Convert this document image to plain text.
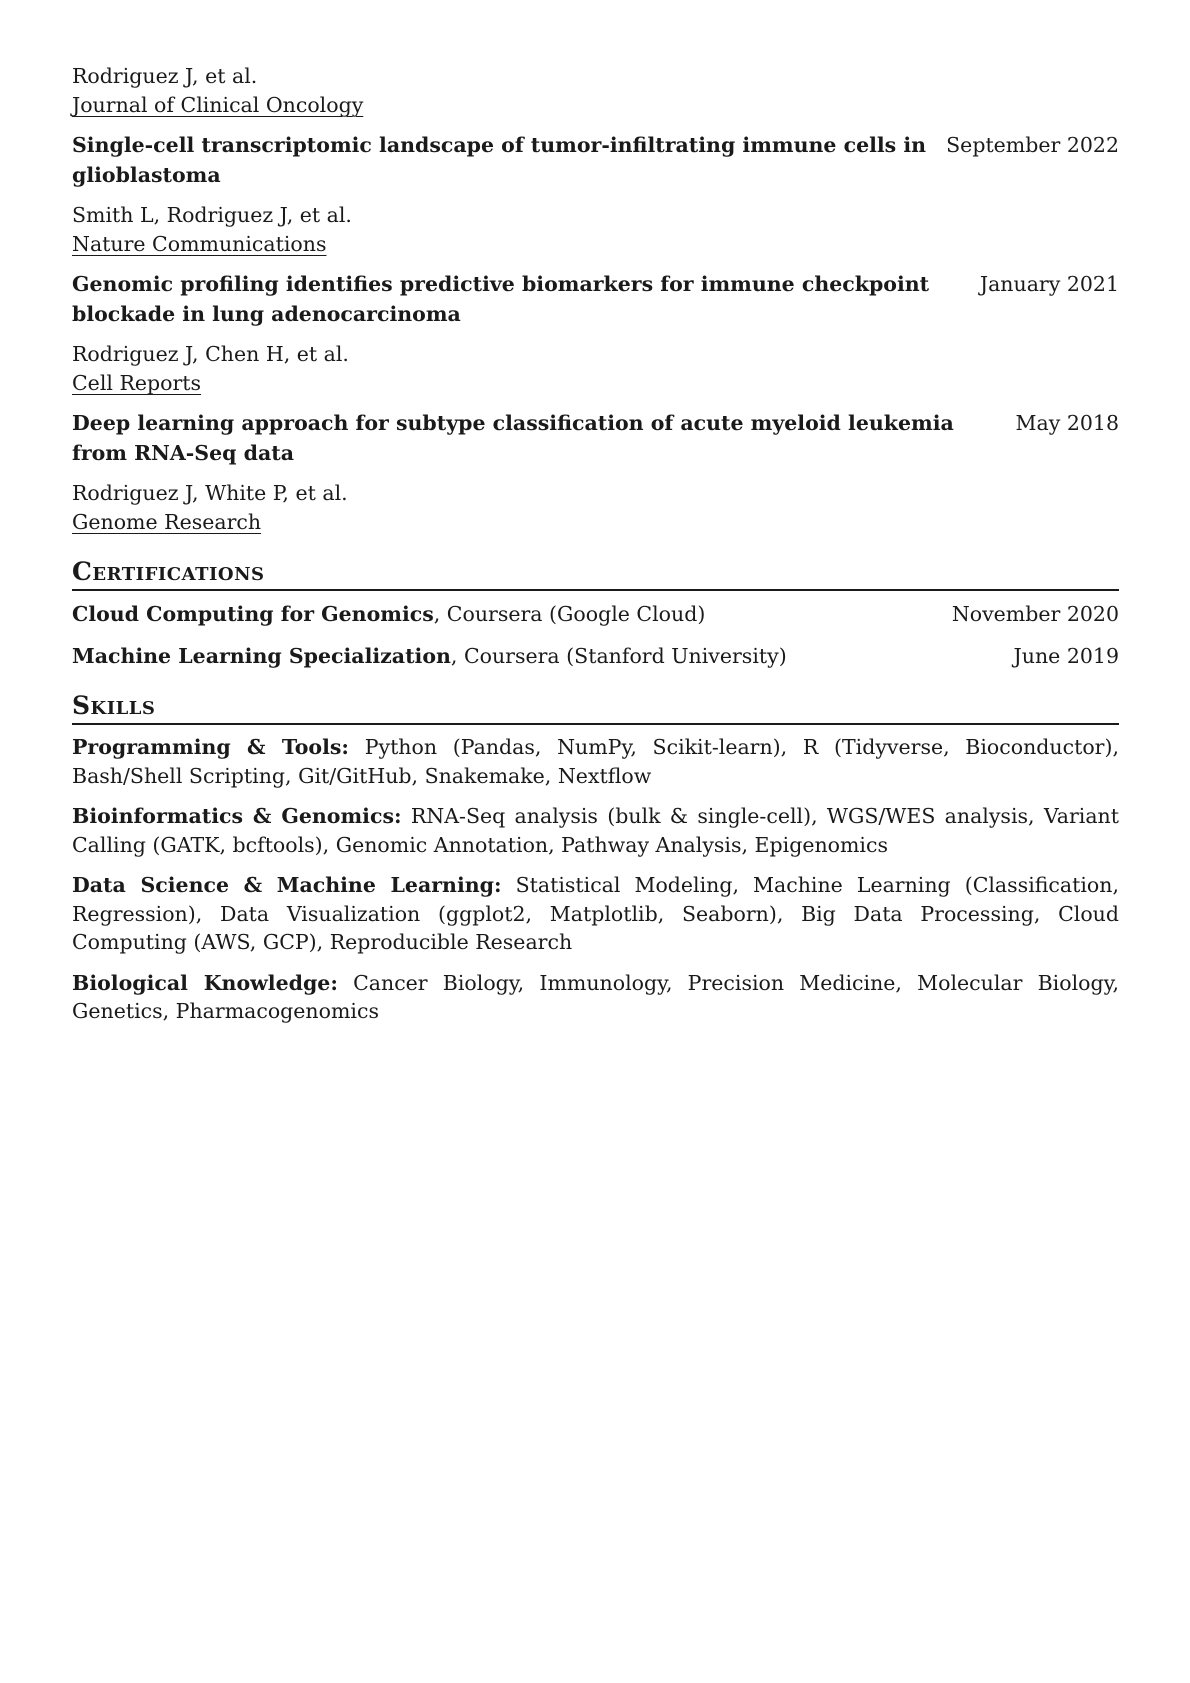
Rodriguez J, et al.
Journal of Clinical Oncology
Single-cell transcriptomic landscape of tumor-infiltrating immune cells in glioblastoma
September 2022
Smith L, Rodriguez J, et al.
Nature Communications
Genomic profiling identifies predictive biomarkers for immune checkpoint blockade in lung adenocarcinoma
January 2021
Rodriguez J, Chen H, et al.
Cell Reports
Deep learning approach for subtype classification of acute myeloid leukemia from RNA-Seq data
May 2018
Rodriguez J, White P, et al.
Genome Research
Certifications
Cloud Computing for Genomics, Coursera (Google Cloud)	November 2020
Machine Learning Specialization, Coursera (Stanford University)	June 2019
Skills
Programming & Tools: Python (Pandas, NumPy, Scikit-learn), R (Tidyverse, Bioconductor), Bash/Shell Scripting, Git/GitHub, Snakemake, Nextflow
Bioinformatics & Genomics: RNA-Seq analysis (bulk & single-cell), WGS/WES analysis, Variant Calling (GATK, bcftools), Genomic Annotation, Pathway Analysis, Epigenomics
Data Science & Machine Learning: Statistical Modeling, Machine Learning (Classification, Regression), Data Visualization (ggplot2, Matplotlib, Seaborn), Big Data Processing, Cloud Computing (AWS, GCP), Reproducible Research
Biological Knowledge: Cancer Biology, Immunology, Precision Medicine, Molecular Biology, Genetics, Pharmacogenomics
